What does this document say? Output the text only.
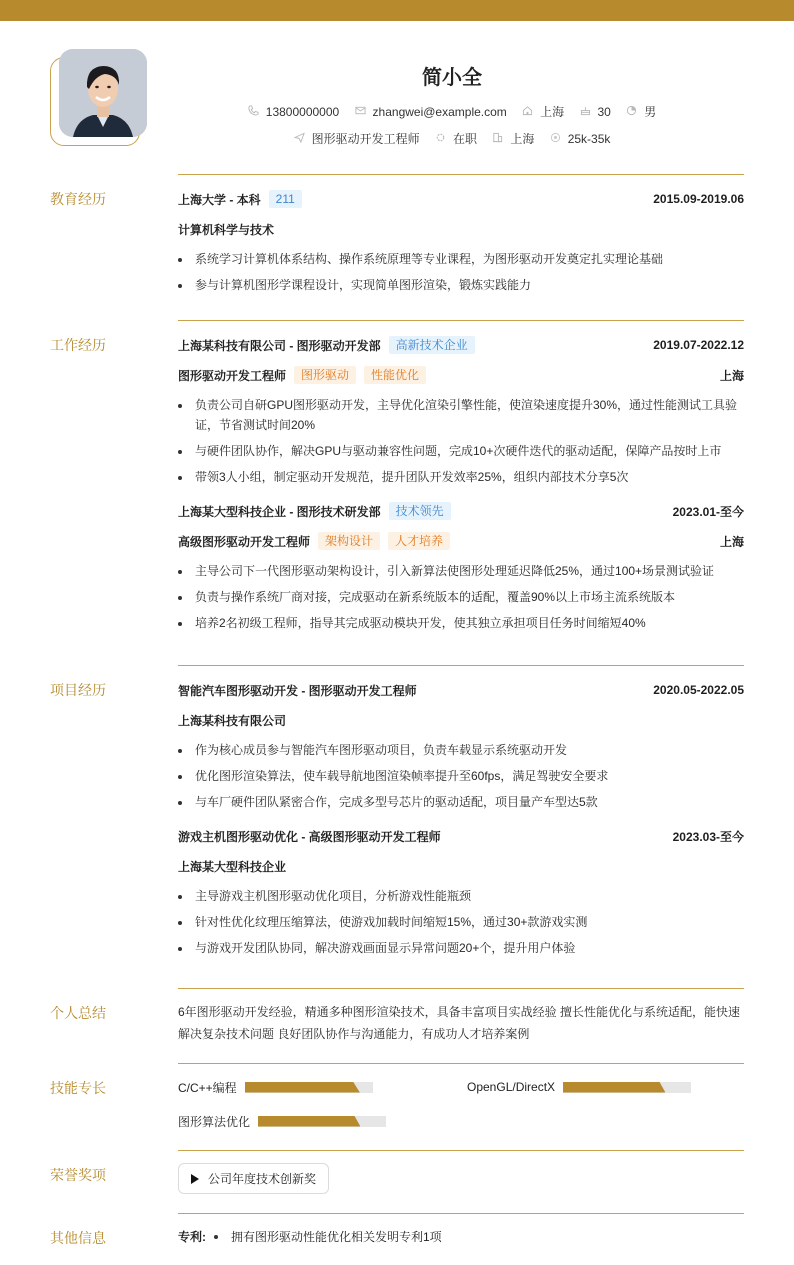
简小全
13800000000	zhangwei@example.com	上海	30	男
图形驱动开发工程师	在职	上海	25k-35k
教育经历	上海大学 - 本科	211	2015.09-2019.06
计算机科学与技术
系统学习计算机体系结构、操作系统原理等专业课程，为图形驱动开发奠定扎实理论基础
参与计算机图形学课程设计，实现简单图形渲染，锻炼实践能力
工作经历	上海某科技有限公司 - 图形驱动开发部	高新技术企业	2019.07-2022.12
图形驱动开发工程师	图形驱动	性能优化	上海
负责公司自研GPU图形驱动开发，主导优化渲染引擎性能，使渲染速度提升30%，通过性能测试工具验证，节省测试时间20%
与硬件团队协作，解决GPU与驱动兼容性问题，完成10+次硬件迭代的驱动适配，保障产品按时上市
带领3人小组，制定驱动开发规范，提升团队开发效率25%，组织内部技术分享5次
上海某大型科技企业 - 图形技术研发部	技术领先	2023.01-至今
高级图形驱动开发工程师	架构设计	人才培养	上海
主导公司下一代图形驱动架构设计，引入新算法使图形处理延迟降低25%，通过100+场景测试验证
负责与操作系统厂商对接，完成驱动在新系统版本的适配，覆盖90%以上市场主流系统版本
培养2名初级工程师，指导其完成驱动模块开发，使其独立承担项目任务时间缩短40%
项目经历	智能汽车图形驱动开发 - 图形驱动开发工程师	2020.05-2022.05
上海某科技有限公司
作为核心成员参与智能汽车图形驱动项目，负责车载显示系统驱动开发
优化图形渲染算法，使车载导航地图渲染帧率提升至60fps，满足驾驶安全要求
与车厂硬件团队紧密合作，完成多型号芯片的驱动适配，项目量产车型达5款
游戏主机图形驱动优化 - 高级图形驱动开发工程师	2023.03-至今
上海某大型科技企业
主导游戏主机图形驱动优化项目，分析游戏性能瓶颈
针对性优化纹理压缩算法，使游戏加载时间缩短15%，通过30+款游戏实测
与游戏开发团队协同，解决游戏画面显示异常问题20+个，提升用户体验
个人总结	6年图形驱动开发经验，精通多种图形渲染技术，具备丰富项目实战经验 擅长性能优化与系统适配，能快速解决复杂技术问题 良好团队协作与沟通能力，有成功人才培养案例
技能专长	C/C++编程	OpenGL/DirectX
图形算法优化
荣誉奖项	公司年度技术创新奖
其他信息	专利: 拥有图形驱动性能优化相关发明专利1项
